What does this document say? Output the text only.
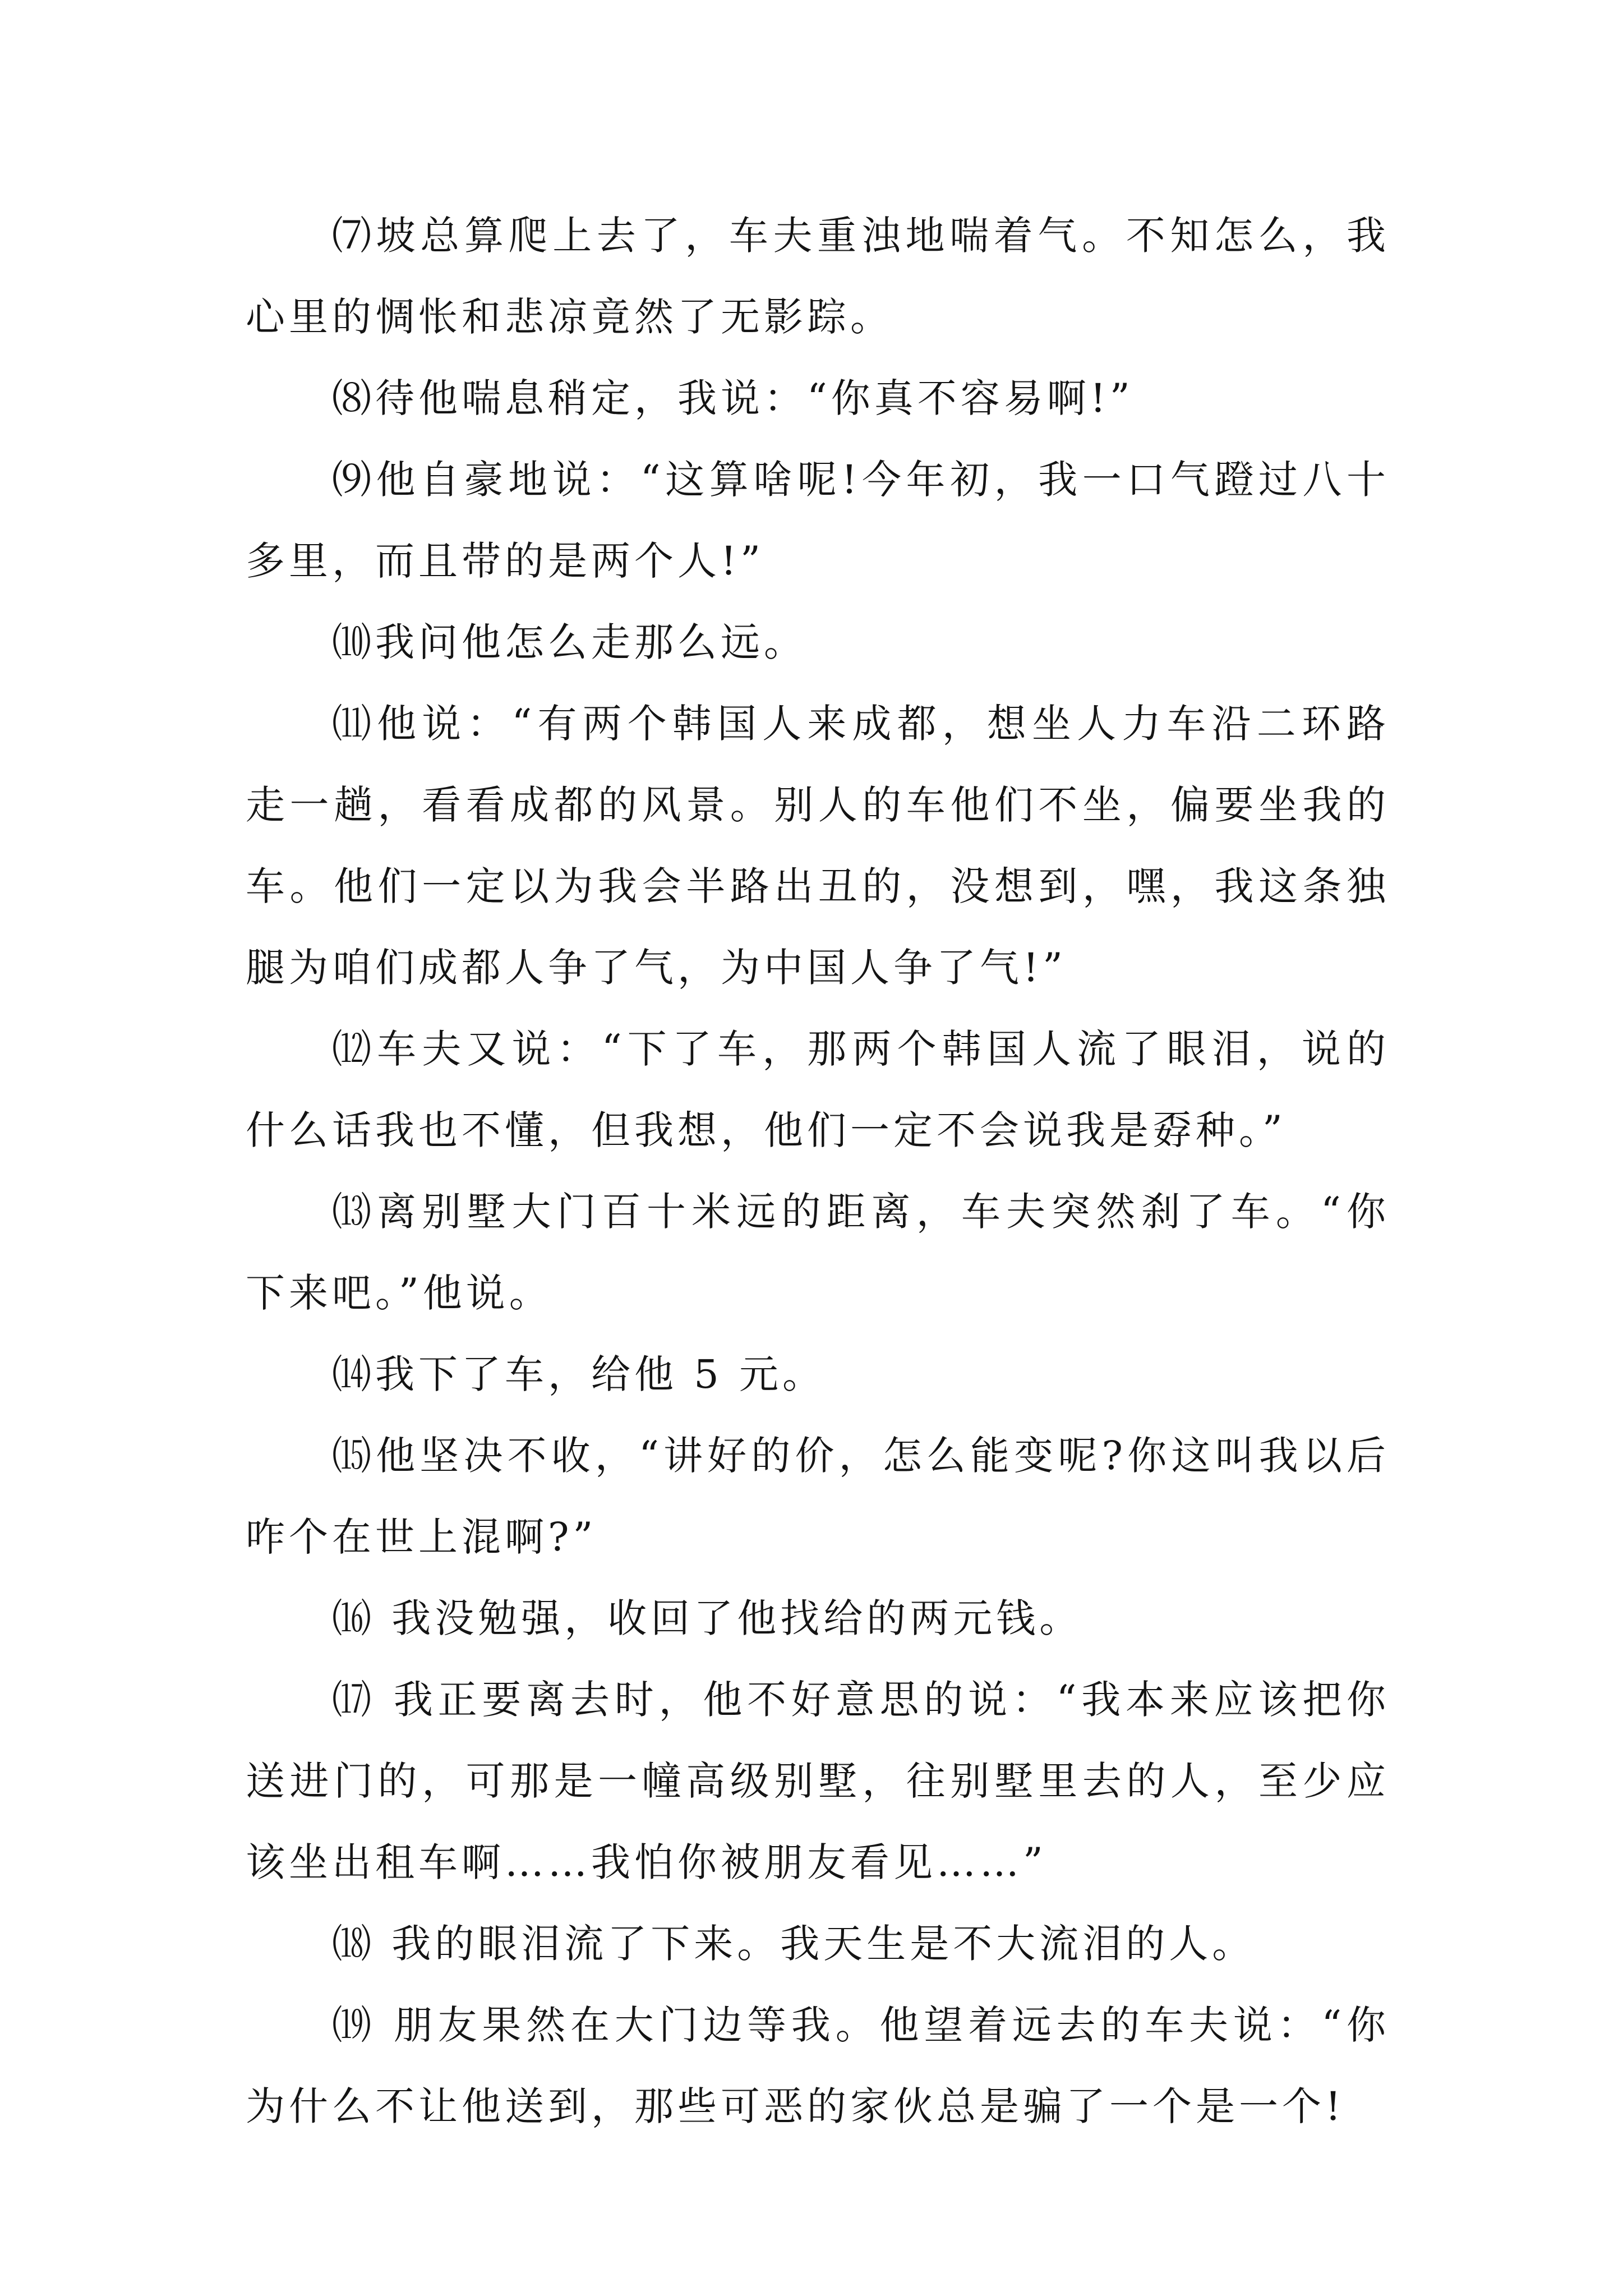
⑺坡总算爬上去了，车夫重浊地喘着气。不知怎么，我心里的惆怅和悲凉竟然了无影踪。

⑻待他喘息稍定，我说：“你真不容易啊!”

⑼他自豪地说：“这算啥呢!今年初，我一口气蹬过八十多里，而且带的是两个人!”

⑽我问他怎么走那么远。

⑾他说：“有两个韩国人来成都，想坐人力车沿二环路走一趟，看看成都的风景。别人的车他们不坐，偏要坐我的车。他们一定以为我会半路出丑的，没想到，嘿，我这条独腿为咱们成都人争了气，为中国人争了气!”

⑿车夫又说：“下了车，那两个韩国人流了眼泪，说的什么话我也不懂，但我想，他们一定不会说我是孬种。”

⒀离别墅大门百十米远的距离，车夫突然刹了车。“你下来吧。”他说。

⒁我下了车，给他 5 元。

⒂他坚决不收，“讲好的价，怎么能变呢?你这叫我以后咋个在世上混啊?”

⒃ 我没勉强，收回了他找给的两元钱。

⒄ 我正要离去时，他不好意思的说：“我本来应该把你送进门的，可那是一幢高级别墅，往别墅里去的人，至少应该坐出租车啊……我怕你被朋友看见……”

⒅ 我的眼泪流了下来。我天生是不大流泪的人。

⒆ 朋友果然在大门边等我。他望着远去的车夫说：“你为什么不让他送到，那些可恶的家伙总是骗了一个是一个!
